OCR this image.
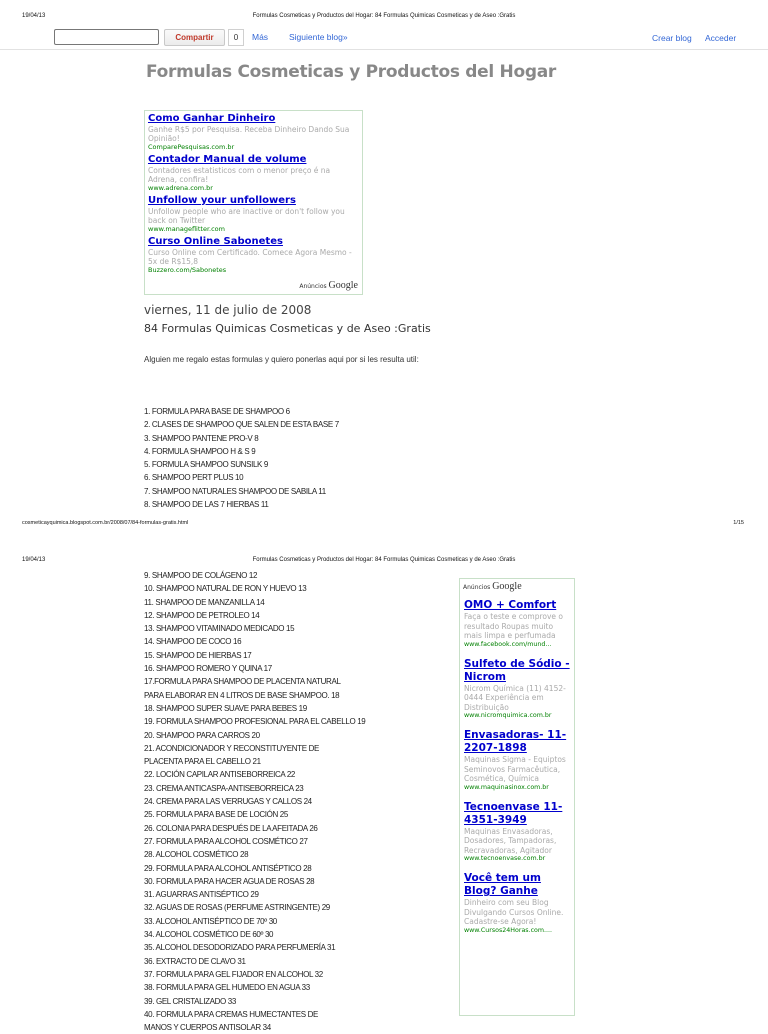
19/04/13	Formulas Cosmeticas y Productos del Hogar: 84 Formulas Quimicas Cosmeticas y de Aseo :Gratis
Compartir	0	Más Siguiente blog»	Crear blog Acceder
Formulas Cosmeticas y Productos del Hogar
Como Ganhar Dinheiro
Ganhe R$5 por Pesquisa. Receba Dinheiro Dando Sua Opinião!
ComparePesquisas.com.br
Contador Manual de volume
Contadores estatisticos com o menor preço é na Adrena, confira!
www.adrena.com.br
Unfollow your unfollowers
Unfollow people who are inactive or don't follow you back on Twitter
www.manageflitter.com
Curso Online Sabonetes
Curso Online com Certificado. Comece Agora Mesmo - 5x de R$15,8
Buzzero.com/Sabonetes
Anúncios Google
viernes, 11 de julio de 2008
84 Formulas Quimicas Cosmeticas y de Aseo :Gratis
Alguien me regalo estas formulas y quiero ponerlas aqui por si les resulta util:
1. FORMULA PARA BASE DE SHAMPOO 6
2. CLASES DE SHAMPOO QUE SALEN DE ESTA BASE 7
3. SHAMPOO PANTENE PRO-V 8
4. FORMULA SHAMPOO H & S 9
5. FORMULA SHAMPOO SUNSILK 9
6. SHAMPOO PERT PLUS 10
7. SHAMPOO NATURALES SHAMPOO DE SABILA 11
8. SHAMPOO DE LAS 7 HIERBAS 11
cosmeticayquimica.blogspot.com.br/2008/07/84-formulas-gratis.html	1/15
19/04/13	Formulas Cosmeticas y Productos del Hogar: 84 Formulas Quimicas Cosmeticas y de Aseo :Gratis
9. SHAMPOO DE COLÁGENO 12
10. SHAMPOO NATURAL DE RON Y HUEVO 13
11. SHAMPOO DE MANZANILLA 14
12. SHAMPOO DE PETROLEO 14
13. SHAMPOO VITAMINADO MEDICADO 15
14. SHAMPOO DE COCO 16
15. SHAMPOO DE HIERBAS 17
16. SHAMPOO ROMERO Y QUINA 17
17.FORMULA PARA SHAMPOO DE PLACENTA NATURAL
PARA ELABORAR EN 4 LITROS DE BASE SHAMPOO. 18
18. SHAMPOO SUPER SUAVE PARA BEBES 19
19. FORMULA SHAMPOO PROFESIONAL PARA EL CABELLO 19
20. SHAMPOO PARA CARROS 20
21. ACONDICIONADOR Y RECONSTITUYENTE DE
PLACENTA PARA EL CABELLO 21
22. LOCIÓN CAPILAR ANTISEBORREICA 22
23. CREMA ANTICASPA-ANTISEBORREICA 23
24. CREMA PARA LAS VERRUGAS Y CALLOS 24
25. FORMULA PARA BASE DE LOCIÓN 25
26. COLONIA PARA DESPUÉS DE LA AFEITADA 26
27. FORMULA PARA ALCOHOL COSMÉTICO 27
28. ALCOHOL COSMÉTICO 28
29. FORMULA PARA ALCOHOL ANTISÉPTICO 28
30. FORMULA PARA HACER AGUA DE ROSAS 28
31. AGUARRAS ANTISÉPTICO 29
32. AGUAS DE ROSAS (PERFUME ASTRINGENTE) 29
33. ALCOHOL ANTISÉPTICO DE 70º 30
34. ALCOHOL COSMÉTICO DE 60º 30
35. ALCOHOL DESODORIZADO PARA PERFUMERÍA 31
36. EXTRACTO DE CLAVO 31
37. FORMULA PARA GEL FIJADOR EN ALCOHOL 32
38. FORMULA PARA GEL HUMEDO EN AGUA 33
39. GEL CRISTALIZADO 33
40. FORMULA PARA CREMAS HUMECTANTES DE
MANOS Y CUERPOS ANTISOLAR 34
Anúncios Google
OMO + Comfort
Faça o teste e comprove o resultado Roupas muito mais limpa e perfumada
www.facebook.com/mund...
Sulfeto de Sódio - Nicrom
Nicrom Química (11) 4152-0444 Experiência em Distribuição
www.nicromquimica.com.br
Envasadoras- 11-2207-1898
Maquinas Sigma - Equiptos Seminovos Farmacêutica, Cosmética, Química
www.maquinasinox.com.br
Tecnoenvase 11-4351-3949
Maquinas Envasadoras, Dosadores, Tampadoras, Recravadoras, Agitador
www.tecnoenvase.com.br
Você tem um Blog? Ganhe
Dinheiro com seu Blog Divulgando Cursos Online. Cadastre-se Agora!
www.Cursos24Horas.com....
